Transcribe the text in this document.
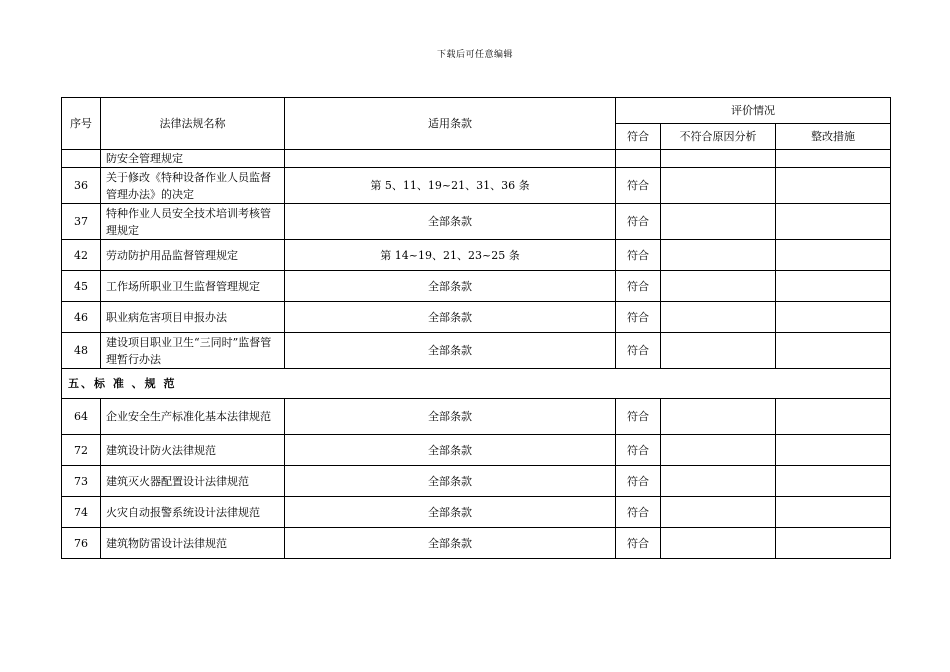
下载后可任意编辑
序号	法律法规名称	适用条款	评价情况		
			符合	不符合原因分析	整改措施
	防安全管理规定				
36	关于修改《特种设备作业人员监督管理办法》的决定	第 5、11、19~21、31、36 条	符合		
37	特种作业人员安全技术培训考核管理规定	全部条款	符合		
42	劳动防护用品监督管理规定	第 14~19、21、23~25 条	符合		
45	工作场所职业卫生监督管理规定	全部条款	符合		
46	职业病危害项目申报办法	全部条款	符合		
48	建设项目职业卫生“三同时”监督管理暂行办法	全部条款	符合		
五、标 准 、规 范					
64	企业安全生产标准化基本法律规范	全部条款	符合		
72	建筑设计防火法律规范	全部条款	符合		
73	建筑灭火器配置设计法律规范	全部条款	符合		
74	火灾自动报警系统设计法律规范	全部条款	符合		
76	建筑物防雷设计法律规范	全部条款	符合		
